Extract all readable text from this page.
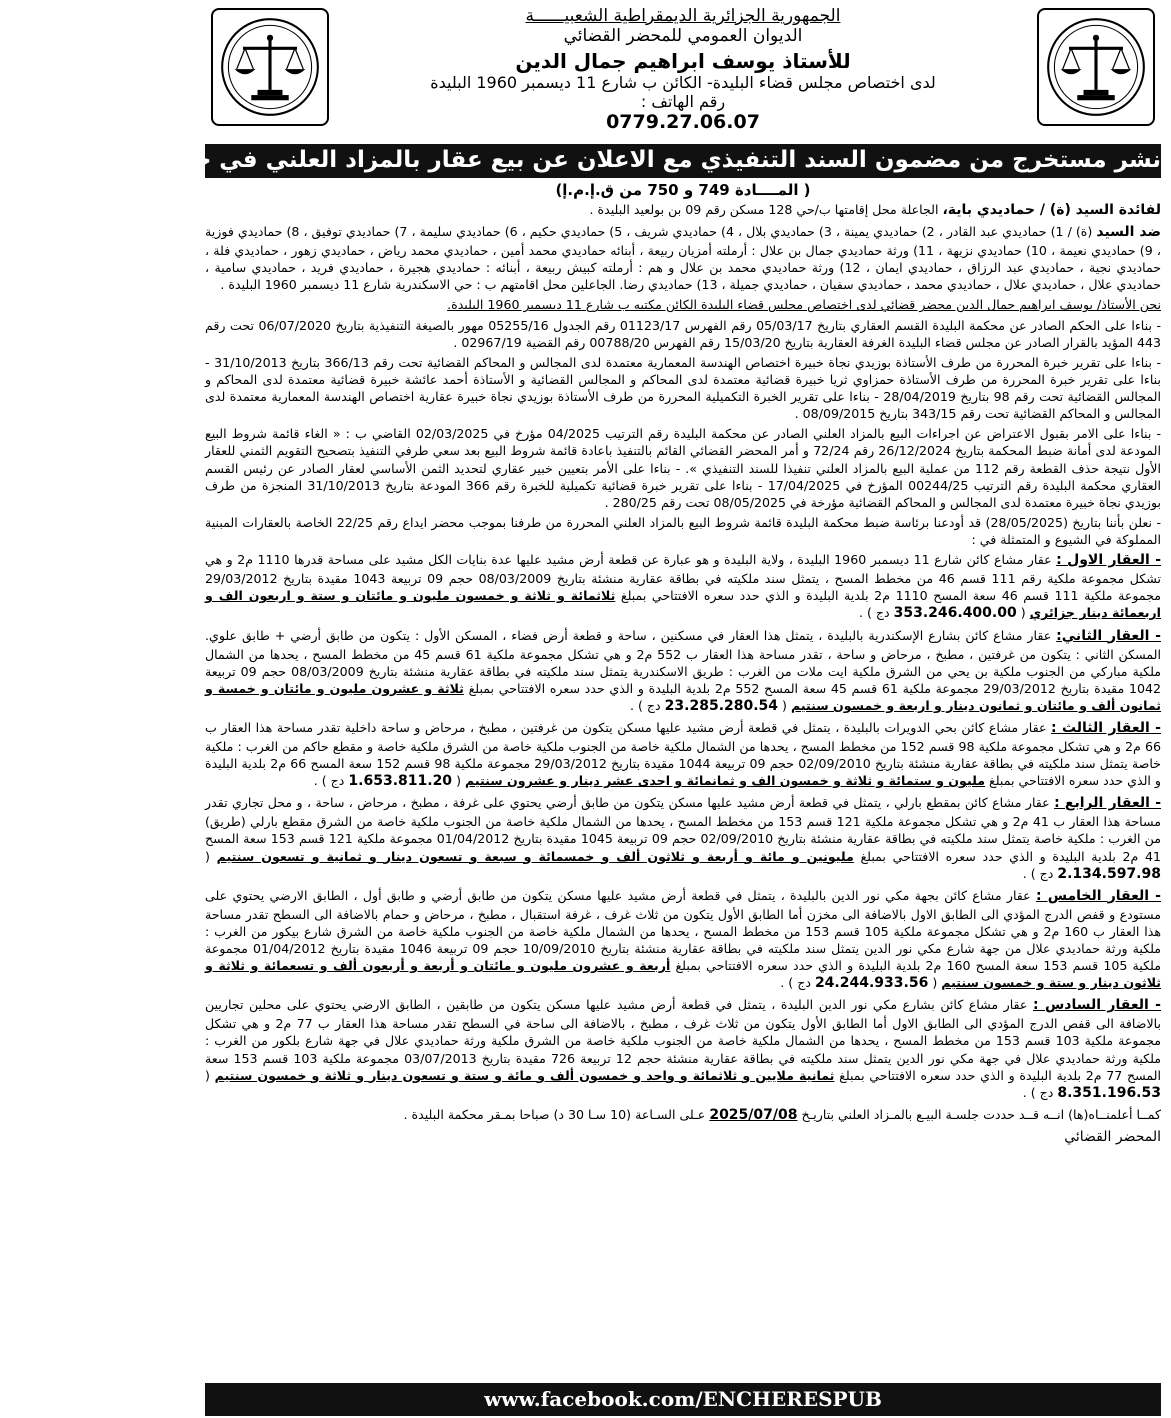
الجمهورية الجزائرية الديمقراطية الشعبيــــــة
الديوان العمومي للمحضر القضائي
للأستاذ يوسف ابراهيم جمال الدين
لدى اختصاص مجلس قضاء البليدة- الكائن ب شارع 11 ديسمبر 1960 البليدة
رقم الهاتف :
0779.27.06.07
نشر مستخرج من مضمون السند التنفيذي مع الاعلان عن بيع عقار بالمزاد العلني في جريدة يومية وطنية
( المــــادة 749 و 750 من ق.إ.م.إ)

لفائدة السيد (ة) / حماديدي باية، الجاعلة محل إقامتها ب/حي 128 مسكن رقم 09 بن بولعيد البليدة .

ضد السيد (ة) / 1) حماديدي عبد القادر ، 2) حماديدي يمينة ، 3) حماديدي بلال ، 4) حماديدي شريف ، 5) حماديدي حكيم ، 6) حماديدي سليمة ، 7) حماديدي توفيق ، 8) حماديدي فوزية ، 9) حماديدي نعيمة ، 10) حماديدي نزيهة ، 11) ورثة حماديدي جمال بن علال : أرملته أمزيان ربيعة ، أبنائه حماديدي محمد أمين ، حماديدي محمد رياض ، حماديدي زهور ، حماديدي فلة ، حماديدي نجية ، حماديدي عبد الرزاق ، حماديدي ايمان ، 12) ورثة حماديدي محمد بن علال و هم : أرملته كبيش ربيعة ، أبنائه : حماديدي هجيرة ، حماديدي فريد ، حماديدي سامية ، حماديدي علال ، حماديدي علال ، حماديدي محمد ، حماديدي سفيان ، حماديدي جميلة ، 13) حماديدي رضا. الجاعلين محل اقامتهم ب : حي الاسكندرية شارع 11 ديسمبر 1960 البليدة .

نحن الأستاذ/ يوسف ابراهيم جمال الدين محضر قضائي لدى اختصاص مجلس قضاء البليدة الكائن مكتبه ب شارع 11 ديسمبر 1960 البليدة.

- بناءا على الحكم الصادر عن محكمة البليدة القسم العقاري بتاريخ 05/03/17 رقم الفهرس 01123/17 رقم الجدول 05255/16 مهور بالصيغة التنفيذية بتاريخ 06/07/2020 تحت رقم 443 المؤيد بالقرار الصادر عن مجلس قضاء البليدة الغرفة العقارية بتاريخ 15/03/20 رقم الفهرس 00788/20 رقم القضية 02967/19 .

- بناءا على تقرير خبرة المحررة من طرف الأستاذة بوزيدي نجاة خبيرة اختصاص الهندسة المعمارية معتمدة لدى المجالس و المحاكم القضائية تحت رقم 366/13 بتاريخ 31/10/2013 - بناءا على تقرير خبرة المحررة من طرف الأستاذة حمزاوي ثريا خبيرة قضائية معتمدة لدى المحاكم و المجالس القضائية و الأستاذة أحمد عائشة خبيرة قضائية معتمدة لدى المحاكم و المجالس القضائية تحت رقم 98 بتاريخ 28/04/2019 - بناءا على تقرير الخبرة التكميلية المحررة من طرف الأستاذة بوزيدي نجاة خبيرة عقارية اختصاص الهندسة المعمارية معتمدة لدى المجالس و المحاكم القضائية تحت رقم 343/15 بتاريخ 08/09/2015 .

- بناءا على الامر بقبول الاعتراض عن اجراءات البيع بالمزاد العلني الصادر عن محكمة البليدة رقم الترتيب 04/2025 مؤرخ في 02/03/2025 القاضي ب : « الغاء قائمة شروط البيع المودعة لدى أمانة ضبط المحكمة بتاريخ 26/12/2024 رقم 72/24 و أمر المحضر القضائي القائم بالتنفيذ باعادة قائمة شروط البيع بعد سعي طرفي التنفيذ بتصحيح التقويم الثمني للعقار الأول نتيجة حذف القطعة رقم 112 من عملية البيع بالمزاد العلني تنفيذا للسند التنفيذي ». - بناءا على الأمر بتعيين خبير عقاري لتحديد الثمن الأساسي لعقار الصادر عن رئيس القسم العقاري محكمة البليدة رقم الترتيب 00244/25 المؤرخ في 17/04/2025 - بناءا على تقرير خبرة قضائية تكميلية للخبرة رقم 366 المودعة بتاريخ 31/10/2013 المنجزة من طرف بوزيدي نجاة خبيرة معتمدة لدى المجالس و المحاكم القضائية مؤرخة في 08/05/2025 تحت رقم 280/25 .

- نعلن بأننا بتاريخ (28/05/2025) قد أودعنا برئاسة ضبط محكمة البليدة قائمة شروط البيع بالمزاد العلني المحررة من طرفنا بموجب محضر ايداع رقم 22/25 الخاصة بالعقارات المبنية المملوكة في الشيوع و المتمثلة في :

- العقار الاول : عقار مشاع كائن شارع 11 ديسمبر 1960 البليدة ، ولاية البليدة و هو عبارة عن قطعة أرض مشيد عليها عدة بنايات الكل مشيد على مساحة قدرها 1110 م2 و هي تشكل مجموعة ملكية رقم 111 قسم 46 من مخطط المسح ، يتمثل سند ملكيته في بطاقة عقارية منشئة بتاريخ 08/03/2009 حجم 09 تربيعة 1043 مقيدة بتاريخ 29/03/2012 مجموعة ملكية 111 قسم 46 سعة المسح 1110 م2 بلدية البليدة و الذي حدد سعره الافتتاحي بمبلغ ثلاثمائة و ثلاثة و خمسون مليون و مائتان و ستة و اربعون الف و اربعمائة دينار جزائري ( 353.246.400.00 دج ) .

- العقار الثاني: عقار مشاع كائن بشارع الإسكندرية بالبليدة ، يتمثل هذا العقار في مسكنين ، ساحة و قطعة أرض فضاء ، المسكن الأول : يتكون من طابق أرضي + طابق علوي. المسكن الثاني : يتكون من غرفتين ، مطبخ ، مرحاض و ساحة ، تقدر مساحة هذا العقار ب 552 م2 و هي تشكل مجموعة ملكية 61 قسم 45 من مخطط المسح ، يحدها من الشمال ملكية مباركي من الجنوب ملكية بن يحي من الشرق ملكية ايت ملات من الغرب : طريق الاسكندرية يتمثل سند ملكيته في بطاقة عقارية منشئة بتاريخ 08/03/2009 حجم 09 تربيعة 1042 مقيدة بتاريخ 29/03/2012 مجموعة ملكية 61 قسم 45 سعة المسح 552 م2 بلدية البليدة و الذي حدد سعره الافتتاحي بمبلغ ثلاثة و عشرون مليون و مائتان و خمسة و ثمانون ألف و مائتان و ثمانون دينار و اربعة و خمسون سنتيم ( 23.285.280.54 دج ) .

- العقار الثالث : عقار مشاع كائن بحي الدويرات بالبليدة ، يتمثل في قطعة أرض مشيد عليها مسكن يتكون من غرفتين ، مطبخ ، مرحاض و ساحة داخلية تقدر مساحة هذا العقار ب 66 م2 و هي تشكل مجموعة ملكية 98 قسم 152 من مخطط المسح ، يحدها من الشمال ملكية خاصة من الجنوب ملكية خاصة من الشرق ملكية خاصة و مقطع حاكم من الغرب : ملكية خاصة يتمثل سند ملكيته في بطاقة عقارية منشئة بتاريخ 02/09/2010 حجم 09 تربيعة 1044 مقيدة بتاريخ 29/03/2012 مجموعة ملكية 98 قسم 152 سعة المسح 66 م2 بلدية البليدة و الذي حدد سعره الافتتاحي بمبلغ مليون و ستمائة و ثلاثة و خمسون الف و ثمانمائة و احدى عشر دينار و عشرون سنتيم ( 1.653.811.20 دج ) .

- العقار الرابع : عقار مشاع كائن بمقطع بارلي ، يتمثل في قطعة أرض مشيد عليها مسكن يتكون من طابق أرضي يحتوي على غرفة ، مطبخ ، مرحاض ، ساحة ، و محل تجاري تقدر مساحة هذا العقار ب 41 م2 و هي تشكل مجموعة ملكية 121 قسم 153 من مخطط المسح ، يحدها من الشمال ملكية خاصة من الجنوب ملكية خاصة من الشرق مقطع بارلي (طريق) من الغرب : ملكية خاصة يتمثل سند ملكيته في بطاقة عقارية منشئة بتاريخ 02/09/2010 حجم 09 تربيعة 1045 مقيدة بتاريخ 01/04/2012 مجموعة ملكية 121 قسم 153 سعة المسح 41 م2 بلدية البليدة و الذي حدد سعره الافتتاحي بمبلغ مليونين و مائة و أربعة و ثلاثون ألف و خمسمائة و سبعة و تسعون دينار و ثمانية و تسعون سنتيم ( 2.134.597.98 دج ) .

- العقار الخامس : عقار مشاع كائن بجهة مكي نور الدين بالبليدة ، يتمثل في قطعة أرض مشيد عليها مسكن يتكون من طابق أرضي و طابق أول ، الطابق الارضي يحتوي على مستودع و قفص الدرج المؤدي الى الطابق الاول بالاضافة الى مخزن أما الطابق الأول يتكون من ثلاث غرف ، غرفة استقبال ، مطبخ ، مرحاض و حمام بالاضافة الى السطح تقدر مساحة هذا العقار ب 160 م2 و هي تشكل مجموعة ملكية 105 قسم 153 من مخطط المسح ، يحدها من الشمال ملكية خاصة من الجنوب ملكية خاصة من الشرق شارع بيكور من الغرب : ملكية ورثة حماديدي علال من جهة شارع مكي نور الدين يتمثل سند ملكيته في بطاقة عقارية منشئة بتاريخ 10/09/2010 حجم 09 تربيعة 1046 مقيدة بتاريخ 01/04/2012 مجموعة ملكية 105 قسم 153 سعة المسح 160 م2 بلدية البليدة و الذي حدد سعره الافتتاحي بمبلغ أربعة و عشرون مليون و مائتان و أربعة و أربعون ألف و تسعمائة و ثلاثة و ثلاثون دينار و ستة و خمسون سنتيم ( 24.244.933.56 دج ) .

- العقار السادس : عقار مشاع كائن بشارع مكي نور الدين البليدة ، يتمثل في قطعة أرض مشيد عليها مسكن يتكون من طابقين ، الطابق الارضي يحتوي على محلين تجاريين بالاضافة الى قفص الدرج المؤدي الى الطابق الاول أما الطابق الأول يتكون من ثلاث غرف ، مطبخ ، بالاضافة الى ساحة في السطح تقدر مساحة هذا العقار ب 77 م2 و هي تشكل مجموعة ملكية 103 قسم 153 من مخطط المسح ، يحدها من الشمال ملكية خاصة من الجنوب ملكية خاصة من الشرق ملكية ورثة حماديدي علال في جهة شارع بلكور من الغرب : ملكية ورثة حماديدي علال في جهة مكي نور الدين يتمثل سند ملكيته في بطاقة عقارية منشئة حجم 12 تربيعة 726 مقيدة بتاريخ 03/07/2013 مجموعة ملكية 103 قسم 153 سعة المسح 77 م2 بلدية البليدة و الذي حدد سعره الافتتاحي بمبلغ ثمانية ملايين و ثلاثمائة و واحد و خمسون ألف و مائة و ستة و تسعون دينار و ثلاثة و خمسون سنتيم ( 8.351.196.53 دج ) .

كمــا أعلمنــاه(ها) انــه قــد حددت جلسـة البيـع بالمـزاد العلني بتاريـخ 2025/07/08 عـلى السـاعة (10 سـا 30 د) صباحا بمـقر محكمة البليدة .

المحضر القضائي
www.facebook.com/ENCHERESPUB
